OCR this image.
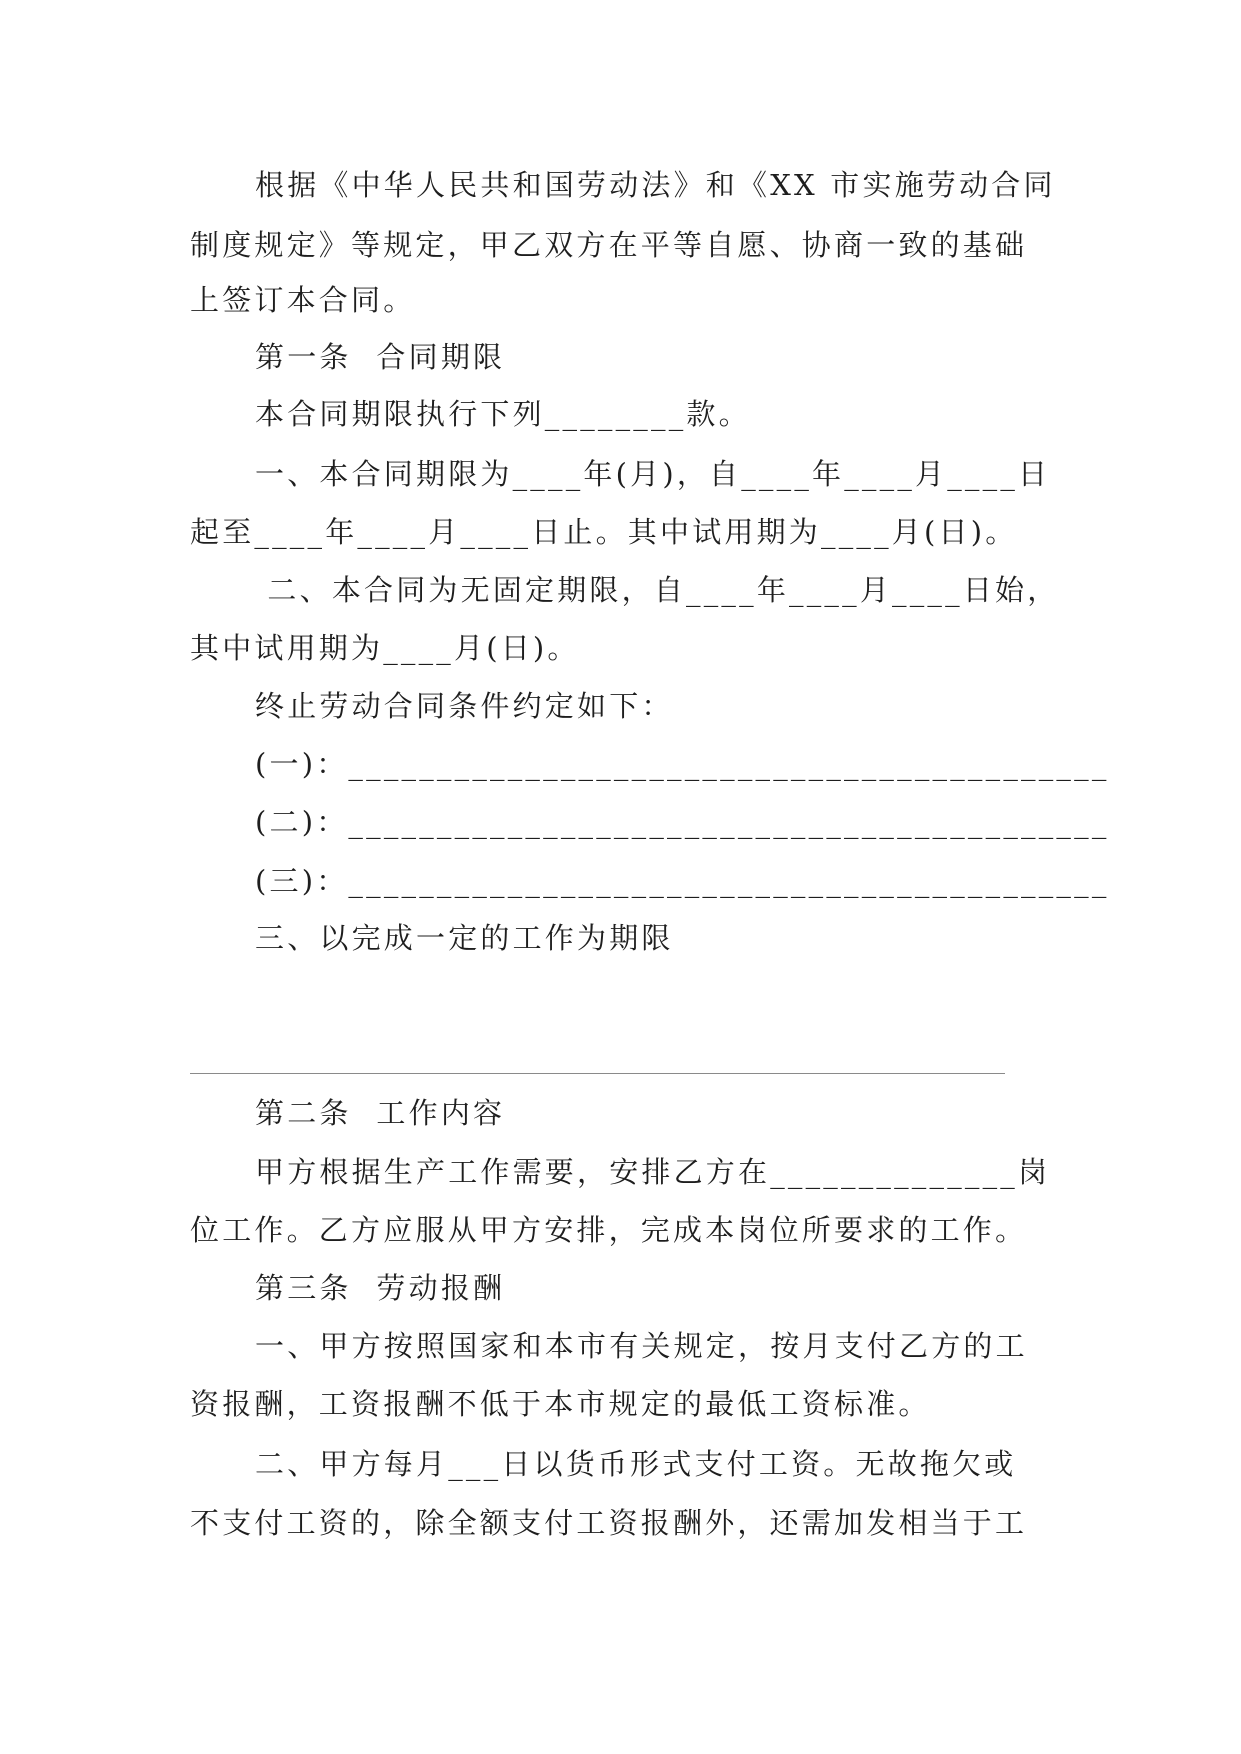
根据《中华人民共和国劳动法》和《XX 市实施劳动合同
制度规定》等规定，甲乙双方在平等自愿、协商一致的基础
上签订本合同。
第一条  合同期限
本合同期限执行下列________款。
一、本合同期限为____年(月)，自____年____月____日
起至____年____月____日止。其中试用期为____月(日)。
二、本合同为无固定期限，自____年____月____日始，
其中试用期为____月(日)。
终止劳动合同条件约定如下：
(一)：___________________________________________
(二)：___________________________________________
(三)：___________________________________________
三、以完成一定的工作为期限
第二条  工作内容
甲方根据生产工作需要，安排乙方在______________岗
位工作。乙方应服从甲方安排，完成本岗位所要求的工作。
第三条  劳动报酬
一、甲方按照国家和本市有关规定，按月支付乙方的工
资报酬，工资报酬不低于本市规定的最低工资标准。
二、甲方每月___日以货币形式支付工资。无故拖欠或
不支付工资的，除全额支付工资报酬外，还需加发相当于工
